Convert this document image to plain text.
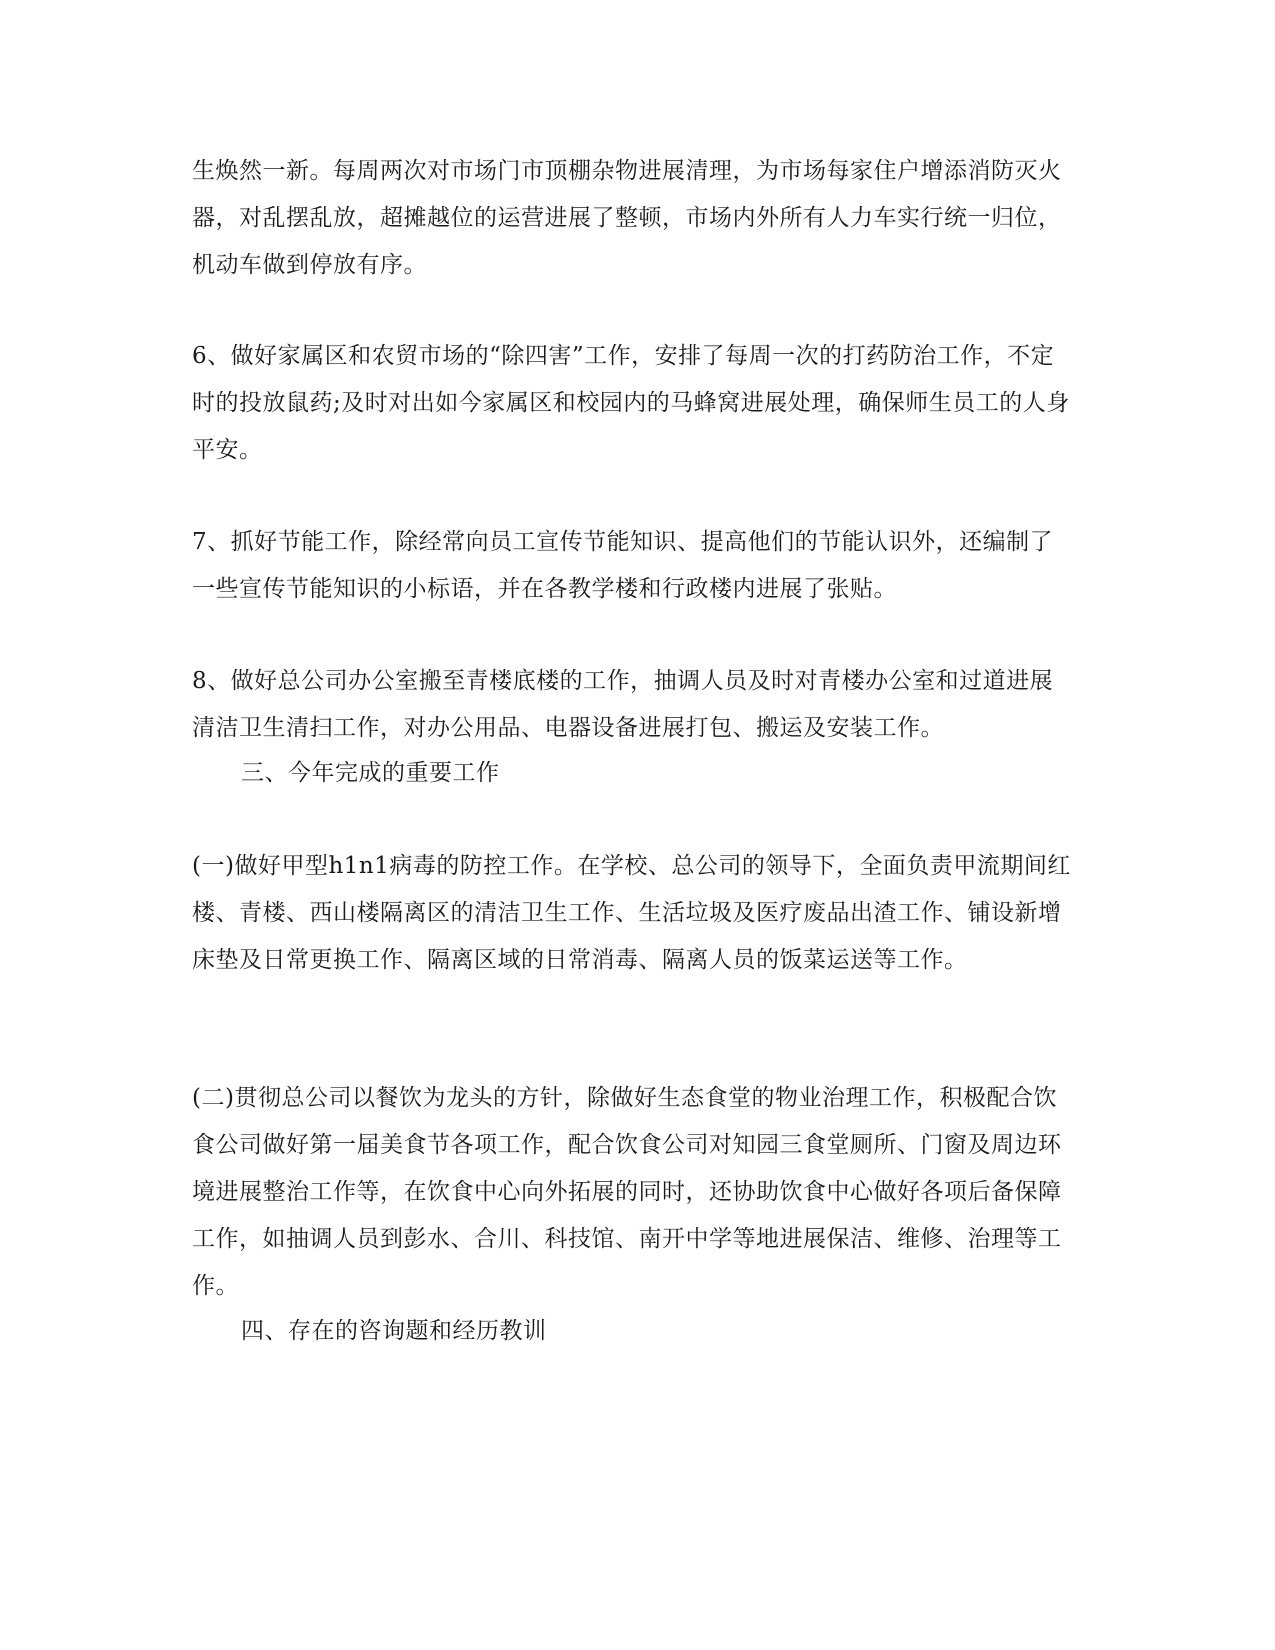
生焕然一新。每周两次对市场门市顶棚杂物进展清理，为市场每家住户增添消防灭火器，对乱摆乱放，超摊越位的运营进展了整顿，市场内外所有人力车实行统一归位，机动车做到停放有序。

6、做好家属区和农贸市场的“除四害”工作，安排了每周一次的打药防治工作，不定时的投放鼠药;及时对出如今家属区和校园内的马蜂窝进展处理，确保师生员工的人身平安。

7、抓好节能工作，除经常向员工宣传节能知识、提高他们的节能认识外，还编制了一些宣传节能知识的小标语，并在各教学楼和行政楼内进展了张贴。

8、做好总公司办公室搬至青楼底楼的工作，抽调人员及时对青楼办公室和过道进展清洁卫生清扫工作，对办公用品、电器设备进展打包、搬运及安装工作。

三、今年完成的重要工作

(一)做好甲型h1n1病毒的防控工作。在学校、总公司的领导下，全面负责甲流期间红楼、青楼、西山楼隔离区的清洁卫生工作、生活垃圾及医疗废品出渣工作、铺设新增床垫及日常更换工作、隔离区域的日常消毒、隔离人员的饭菜运送等工作。

(二)贯彻总公司以餐饮为龙头的方针，除做好生态食堂的物业治理工作，积极配合饮食公司做好第一届美食节各项工作，配合饮食公司对知园三食堂厕所、门窗及周边环境进展整治工作等，在饮食中心向外拓展的同时，还协助饮食中心做好各项后备保障工作，如抽调人员到彭水、合川、科技馆、南开中学等地进展保洁、维修、治理等工作。

四、存在的咨询题和经历教训
